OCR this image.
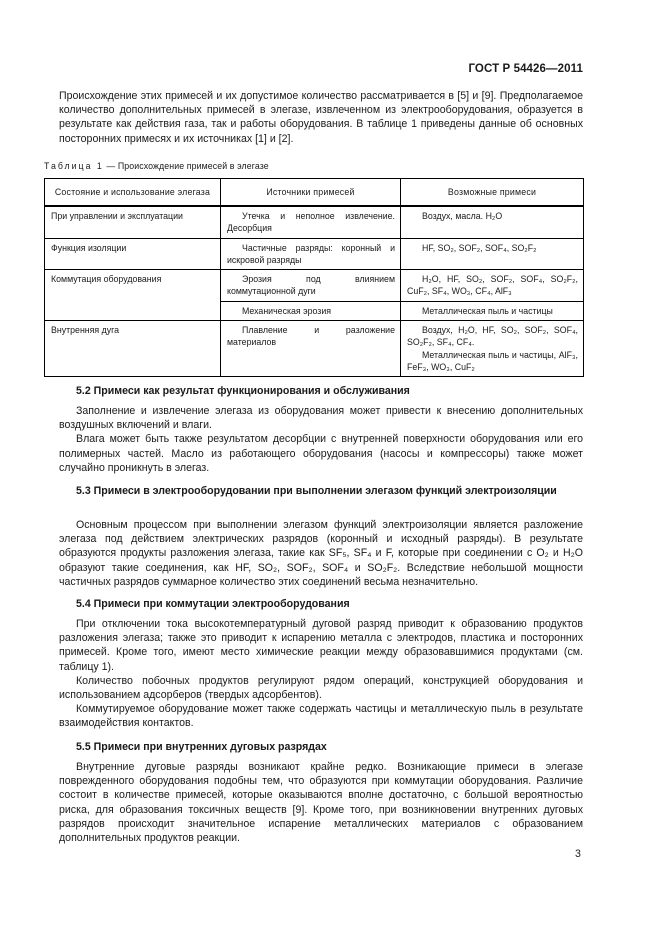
ГОСТ Р 54426—2011

Происхождение этих примесей и их допустимое количество рассматривается в [5] и [9]. Предполагаемое количество дополнительных примесей в элегазе, извлеченном из электрооборудования, образуется в результате как действия газа, так и работы оборудования. В таблице 1 приведены данные об основных посторонних примесях и их источниках [1] и [2].

Таблица 1 — Происхождение примесей в элегазе
Состояние и использование элегаза	Источники примесей	Возможные примеси
При управлении и эксплуатации	Утечка и неполное извлечение. Десорбция	Воздух, масла. H₂O

Функция изоляции	Частичные разряды: коронный и искровой разряды	HF, SO₂, SOF₂, SOF₄, SO₂F₂

Коммутация оборудования	Эрозия под влиянием коммутационной дуги	H₂O, HF, SO₂, SOF₂, SOF₄, SO₂F₂, CuF₂, SF₄, WO₃, CF₄, AlF₃

	Механическая эрозия	Металлическая пыль и частицы

Внутренняя дуга	Плавление и разложение материалов	Воздух, H₂O, HF, SO₂, SOF₂, SOF₄, SO₂F₂, SF₄, CF₄.
Металлическая пыль и частицы, AlF₃, FeF₃, WO₃, CuF₂
5.2 Примеси как результат функционирования и обслуживания

Заполнение и извлечение элегаза из оборудования может привести к внесению дополнительных воздушных включений и влаги.

Влага может быть также результатом десорбции с внутренней поверхности оборудования или его полимерных частей. Масло из работающего оборудования (насосы и компрессоры) также может случайно проникнуть в элегаз.

5.3 Примеси в электрооборудовании при выполнении элегазом функций электроизоляции

Основным процессом при выполнении элегазом функций электроизоляции является разложение элегаза под действием электрических разрядов (коронный и исходный разряды). В результате образуются продукты разложения элегаза, такие как SF₅, SF₄ и F, которые при соединении с O₂ и H₂O образуют такие соединения, как HF, SO₂, SOF₂, SOF₄ и SO₂F₂. Вследствие небольшой мощности частичных разрядов суммарное количество этих соединений весьма незначительно.

5.4 Примеси при коммутации электрооборудования

При отключении тока высокотемпературный дуговой разряд приводит к образованию продуктов разложения элегаза; также это приводит к испарению металла с электродов, пластика и посторонних примесей. Кроме того, имеют место химические реакции между образовавшимися продуктами (см. таблицу 1).

Количество побочных продуктов регулируют рядом операций, конструкцией оборудования и использованием адсорберов (твердых адсорбентов).

Коммутируемое оборудование может также содержать частицы и металлическую пыль в результате взаимодействия контактов.

5.5 Примеси при внутренних дуговых разрядах

Внутренние дуговые разряды возникают крайне редко. Возникающие примеси в элегазе поврежденного оборудования подобны тем, что образуются при коммутации оборудования. Различие состоит в количестве примесей, которые оказываются вполне достаточно, с большой вероятностью риска, для образования токсичных веществ [9]. Кроме того, при возникновении внутренних дуговых разрядов происходит значительное испарение металлических материалов с образованием дополнительных продуктов реакции.

3
